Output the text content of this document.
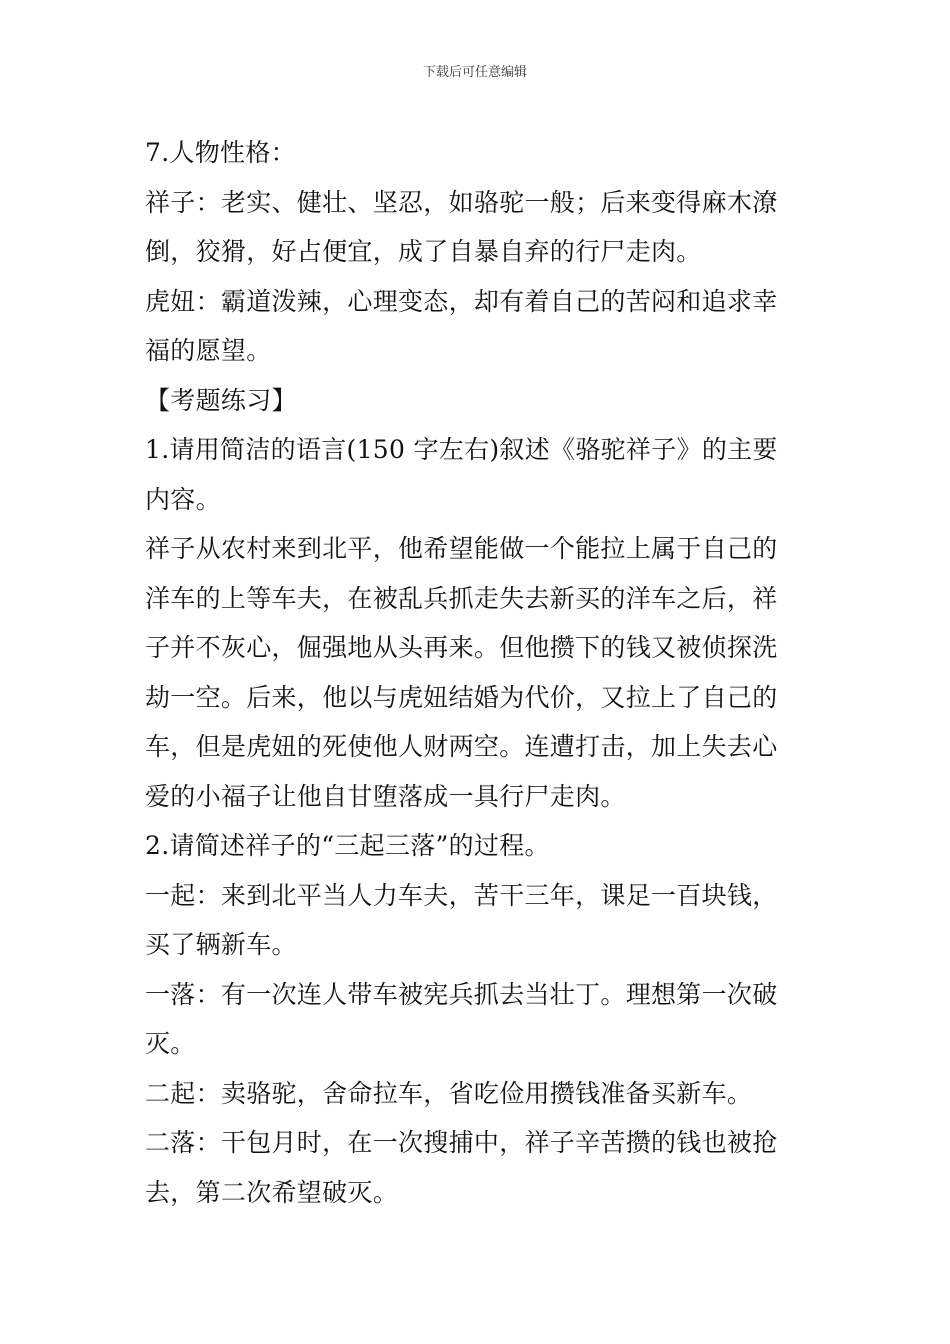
下载后可任意编辑
7.人物性格：
祥子：老实、健壮、坚忍，如骆驼一般；后来变得麻木潦
倒，狡猾，好占便宜，成了自暴自弃的行尸走肉。
虎妞：霸道泼辣，心理变态，却有着自己的苦闷和追求幸
福的愿望。
【考题练习】
1.请用简洁的语言(150 字左右)叙述《骆驼祥子》的主要
内容。
祥子从农村来到北平，他希望能做一个能拉上属于自己的
洋车的上等车夫，在被乱兵抓走失去新买的洋车之后，祥
子并不灰心，倔强地从头再来。但他攒下的钱又被侦探洗
劫一空。后来，他以与虎妞结婚为代价，又拉上了自己的
车，但是虎妞的死使他人财两空。连遭打击，加上失去心
爱的小福子让他自甘堕落成一具行尸走肉。
2.请简述祥子的“三起三落”的过程。
一起：来到北平当人力车夫，苦干三年，课足一百块钱，
买了辆新车。
一落：有一次连人带车被宪兵抓去当壮丁。理想第一次破
灭。
二起：卖骆驼，舍命拉车，省吃俭用攒钱准备买新车。
二落：干包月时，在一次搜捕中，祥子辛苦攒的钱也被抢
去，第二次希望破灭。
